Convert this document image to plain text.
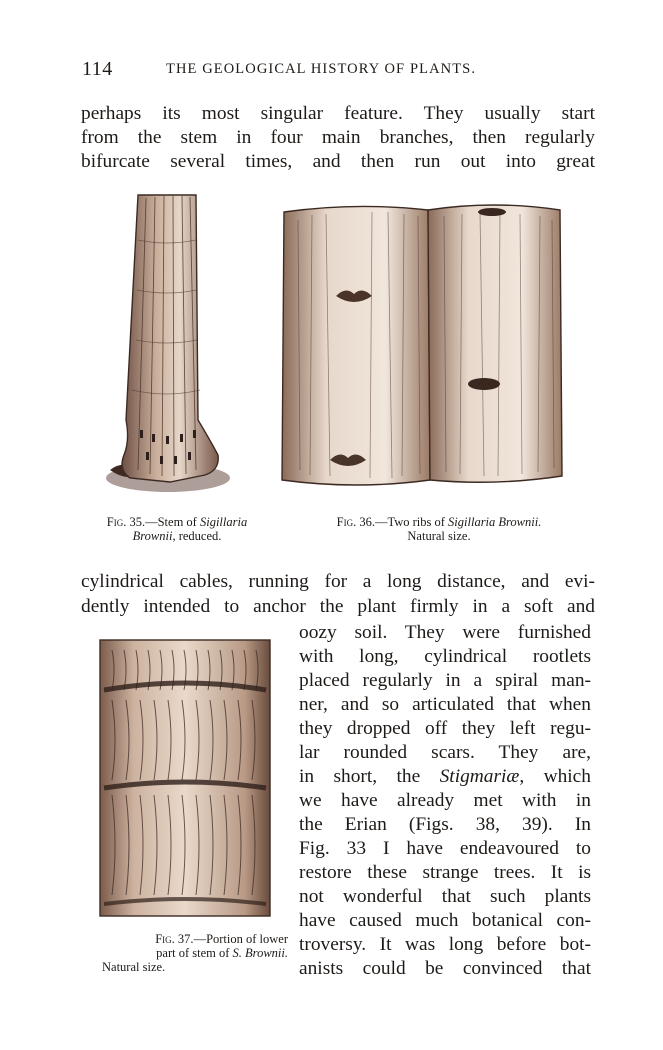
114	THE GEOLOGICAL HISTORY OF PLANTS.
perhaps its most singular feature. They usually start
from the stem in four main branches, then regularly
bifurcate several times, and then run out into great
Fig. 35.—Stem of Sigillaria
Brownii, reduced.
Fig. 36.—Two ribs of Sigillaria Brownii.
Natural size.
cylindrical cables, running for a long distance, and evi-
dently intended to anchor the plant firmly in a soft and
Fig. 37.—Portion of lower
part of stem of S. Brownii.
Natural size.
oozy soil. They were furnished
with long, cylindrical rootlets
placed regularly in a spiral man-
ner, and so articulated that when
they dropped off they left regu-
lar rounded scars. They are,
in short, the Stigmariæ, which
we have already met with in
the Erian (Figs. 38, 39). In
Fig. 33 I have endeavoured to
restore these strange trees. It is
not wonderful that such plants
have caused much botanical con-
troversy. It was long before bot-
anists could be convinced that
